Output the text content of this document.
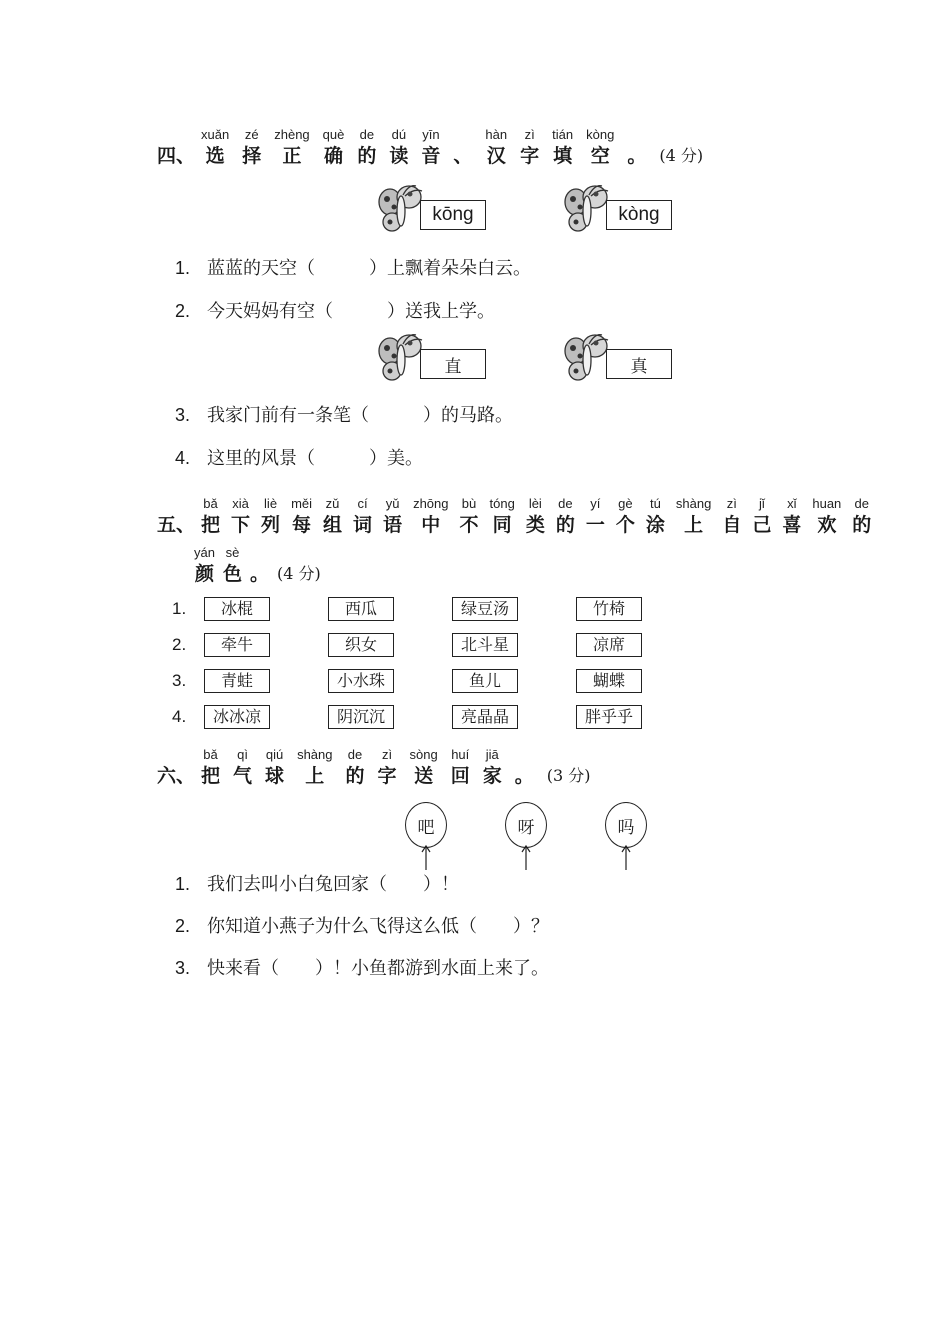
四、
xuǎn
选
zé
择
zhèng
正
què
确
de
的
dú
读
yīn
音 、
hàn
汉
zì
字
tián
填
kòng
空 。 (4 分)
kōng	kòng
1. 蓝蓝的天空（　　　）上飘着朵朵白云。
2. 今天妈妈有空（　　　）送我上学。
直	真
3. 我家门前有一条笔（　　　）的马路。
4. 这里的风景（　　　）美。
五、
bǎ
把
xià
下
liè
列
měi
每
zǔ
组
cí
词
yǔ
语
zhōng
中
bù
不
tóng
同
lèi
类
de
的
yí
一
gè
个
tú
涂
shàng
上
zì
自
jǐ
己
xǐ
喜
huan
欢
de
的
yán
颜
sè
色 。 (4 分)
1.	冰棍	西瓜	绿豆汤	竹椅
2.	牵牛	织女	北斗星	凉席
3.	青蛙	小水珠	鱼儿	蝴蝶
4.	冰冰凉	阴沉沉	亮晶晶	胖乎乎
六、
bǎ
把
qì
气
qiú
球
shàng
上
de
的
zì
字
sòng
送
huí
回
jiā
家 。 (3 分)
吧	呀	吗
1. 我们去叫小白兔回家（　　）！
2. 你知道小燕子为什么飞得这么低（　　）？
3. 快来看（　　）！小鱼都游到水面上来了。
